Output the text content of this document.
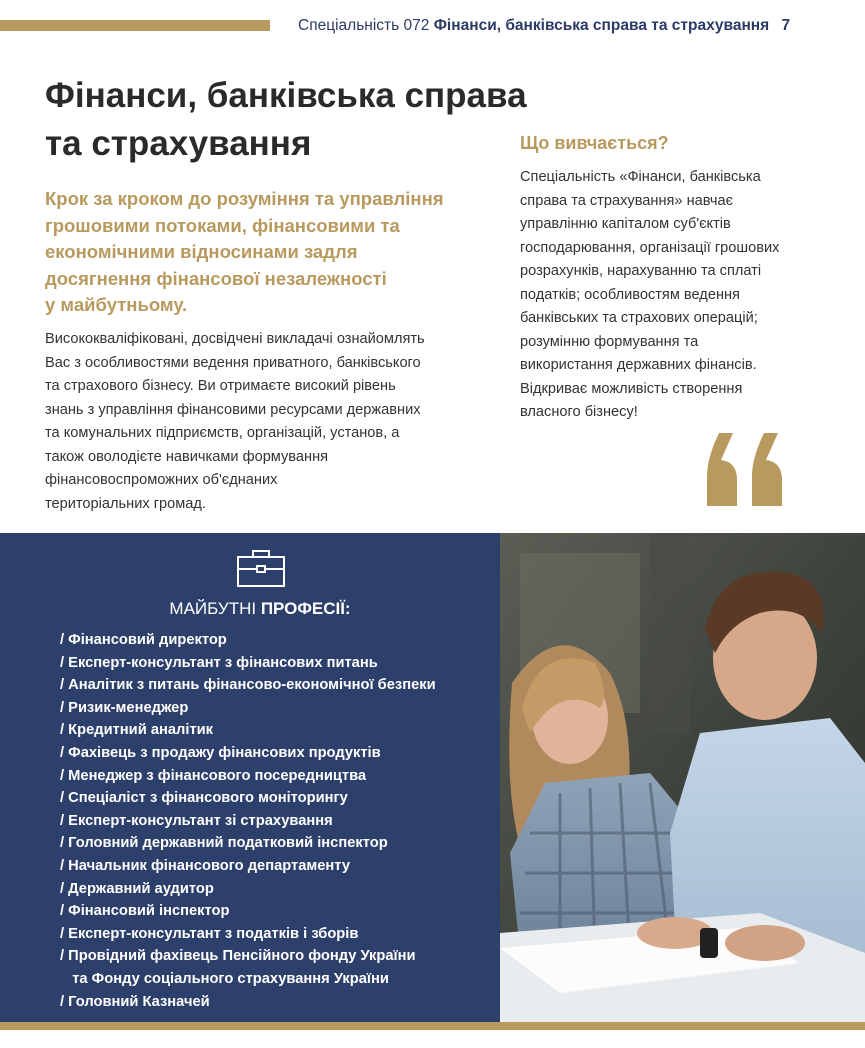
Спеціальність 072 Фінанси, банківська справа та страхування 7
Фінанси, банківська справа
та страхування
Крок за кроком до розуміння та управління
грошовими потоками, фінансовими та
економічними відносинами задля
досягнення фінансової незалежності
у майбутньому.
Висококваліфіковані, досвідчені викладачі ознайомлять
Вас з особливостями ведення приватного, банківського
та страхового бізнесу. Ви отримаєте високий рівень
знань з управління фінансовими ресурсами державних
та комунальних підприємств, організацій, установ, а
також оволодієте навичками формування
фінансовоспроможних об'єднаних
територіальних громад.
Що вивчається?
Спеціальність «Фінанси, банківська
справа та страхування» навчає
управлінню капіталом суб'єктів
господарювання, організації грошових
розрахунків, нарахуванню та сплаті
податків; особливостям ведення
банківських та страхових операцій;
розумінню формування та
використання державних фінансів.
Відкриває можливість створення
власного бізнесу!
МАЙБУТНІ ПРОФЕСІЇ:
/ Фінансовий директор
/ Експерт-консультант з фінансових питань
/ Аналітик з питань фінансово-економічної безпеки
/ Ризик-менеджер
/ Кредитний аналітик
/ Фахівець з продажу фінансових продуктів
/ Менеджер з фінансового посередництва
/ Спеціаліст з фінансового моніторингу
/ Експерт-консультант зі страхування
/ Головний державний податковий інспектор
/ Начальник фінансового департаменту
/ Державний аудитор
/ Фінансовий інспектор
/ Експерт-консультант з податків і зборів
/ Провідний фахівець Пенсійного фонду України
та Фонду соціального страхування України
/ Головний Казначей
